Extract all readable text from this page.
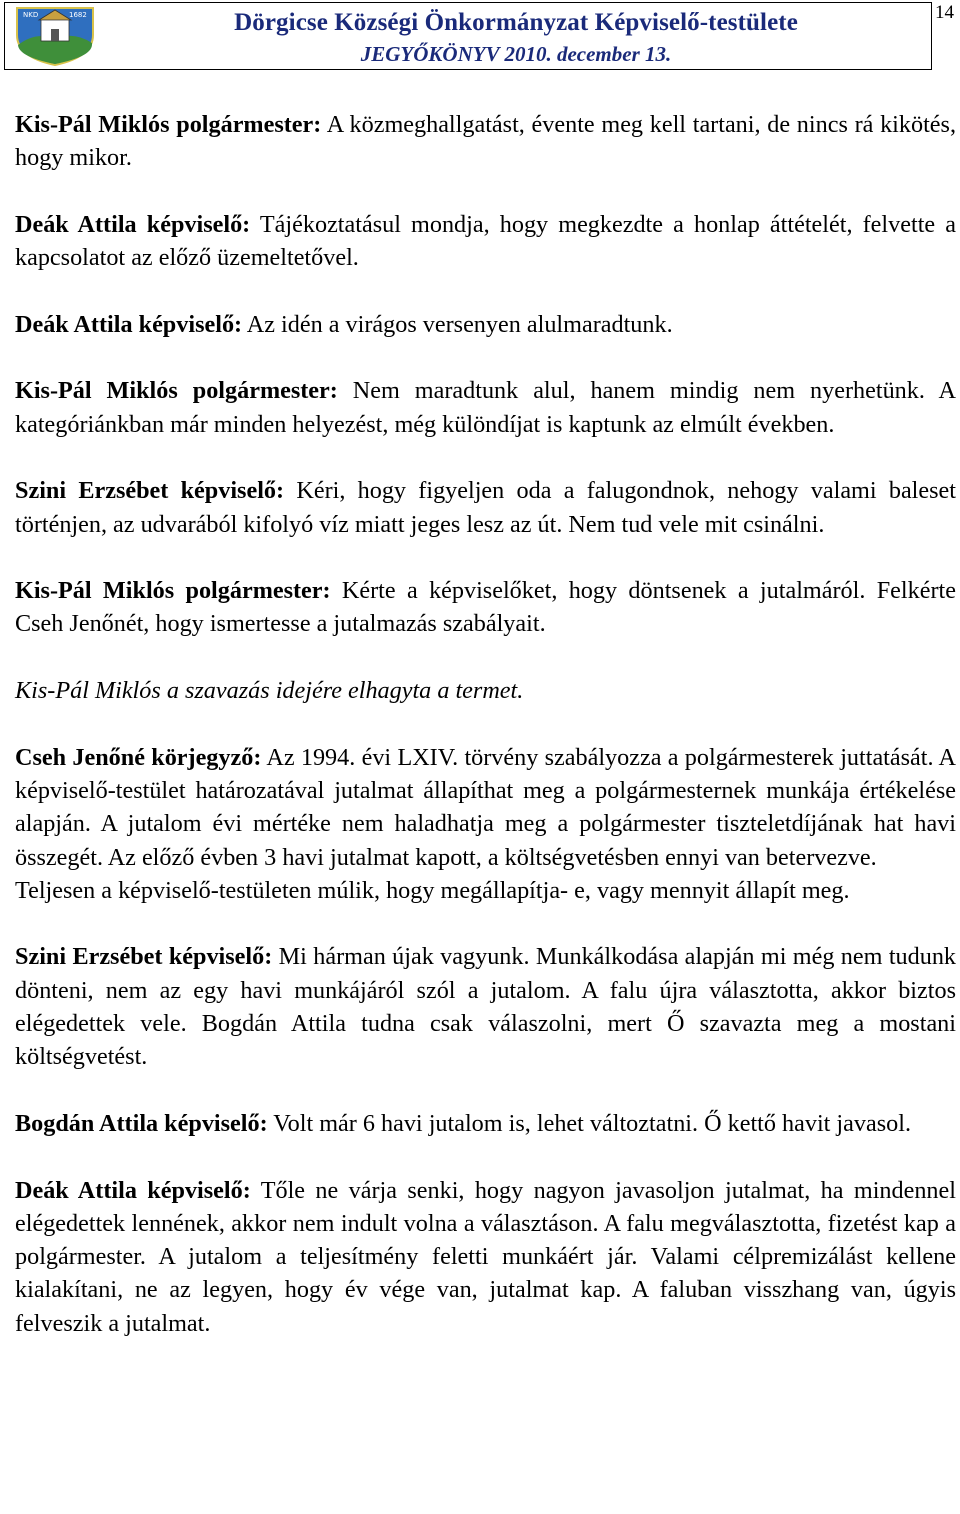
NKD	1682	Dörgicse Községi Önkormányzat Képviselő-testülete
JEGYŐKÖNYV 2010. december 13.
14

Kis-Pál Miklós polgármester: A közmeghallgatást, évente meg kell tartani, de nincs rá kikötés, hogy mikor.

Deák Attila képviselő: Tájékoztatásul mondja, hogy megkezdte a honlap áttételét, felvette a kapcsolatot az előző üzemeltetővel.

Deák Attila képviselő: Az idén a virágos versenyen alulmaradtunk.

Kis-Pál Miklós polgármester: Nem maradtunk alul, hanem mindig nem nyerhetünk. A kategóriánkban már minden helyezést, még különdíjat is kaptunk az elmúlt években.

Szini Erzsébet képviselő: Kéri, hogy figyeljen oda a falugondnok, nehogy valami baleset történjen, az udvarából kifolyó víz miatt jeges lesz az út. Nem tud vele mit csinálni.

Kis-Pál Miklós polgármester: Kérte a képviselőket, hogy döntsenek a jutalmáról. Felkérte Cseh Jenőnét, hogy ismertesse a jutalmazás szabályait.

Kis-Pál Miklós a szavazás idejére elhagyta a termet.

Cseh Jenőné körjegyző: Az 1994. évi LXIV. törvény szabályozza a polgármesterek juttatását. A képviselő-testület határozatával jutalmat állapíthat meg a polgármesternek munkája értékelése alapján. A jutalom évi mértéke nem haladhatja meg a polgármester tiszteletdíjának hat havi összegét. Az előző évben 3 havi jutalmat kapott, a költségvetésben ennyi van betervezve.

Teljesen a képviselő-testületen múlik, hogy megállapítja- e, vagy mennyit állapít meg.

Szini Erzsébet képviselő: Mi hárman újak vagyunk. Munkálkodása alapján mi még nem tudunk dönteni, nem az egy havi munkájáról szól a jutalom. A falu újra választotta, akkor biztos elégedettek vele. Bogdán Attila tudna csak válaszolni, mert Ő szavazta meg a mostani költségvetést.

Bogdán Attila képviselő: Volt már 6 havi jutalom is, lehet változtatni. Ő kettő havit javasol.

Deák Attila képviselő: Tőle ne várja senki, hogy nagyon javasoljon jutalmat, ha mindennel elégedettek lennének, akkor nem indult volna a választáson. A falu megválasztotta, fizetést kap a polgármester. A jutalom a teljesítmény feletti munkáért jár. Valami célpremizálást kellene kialakítani, ne az legyen, hogy év vége van, jutalmat kap. A faluban visszhang van, úgyis felveszik a jutalmat.
